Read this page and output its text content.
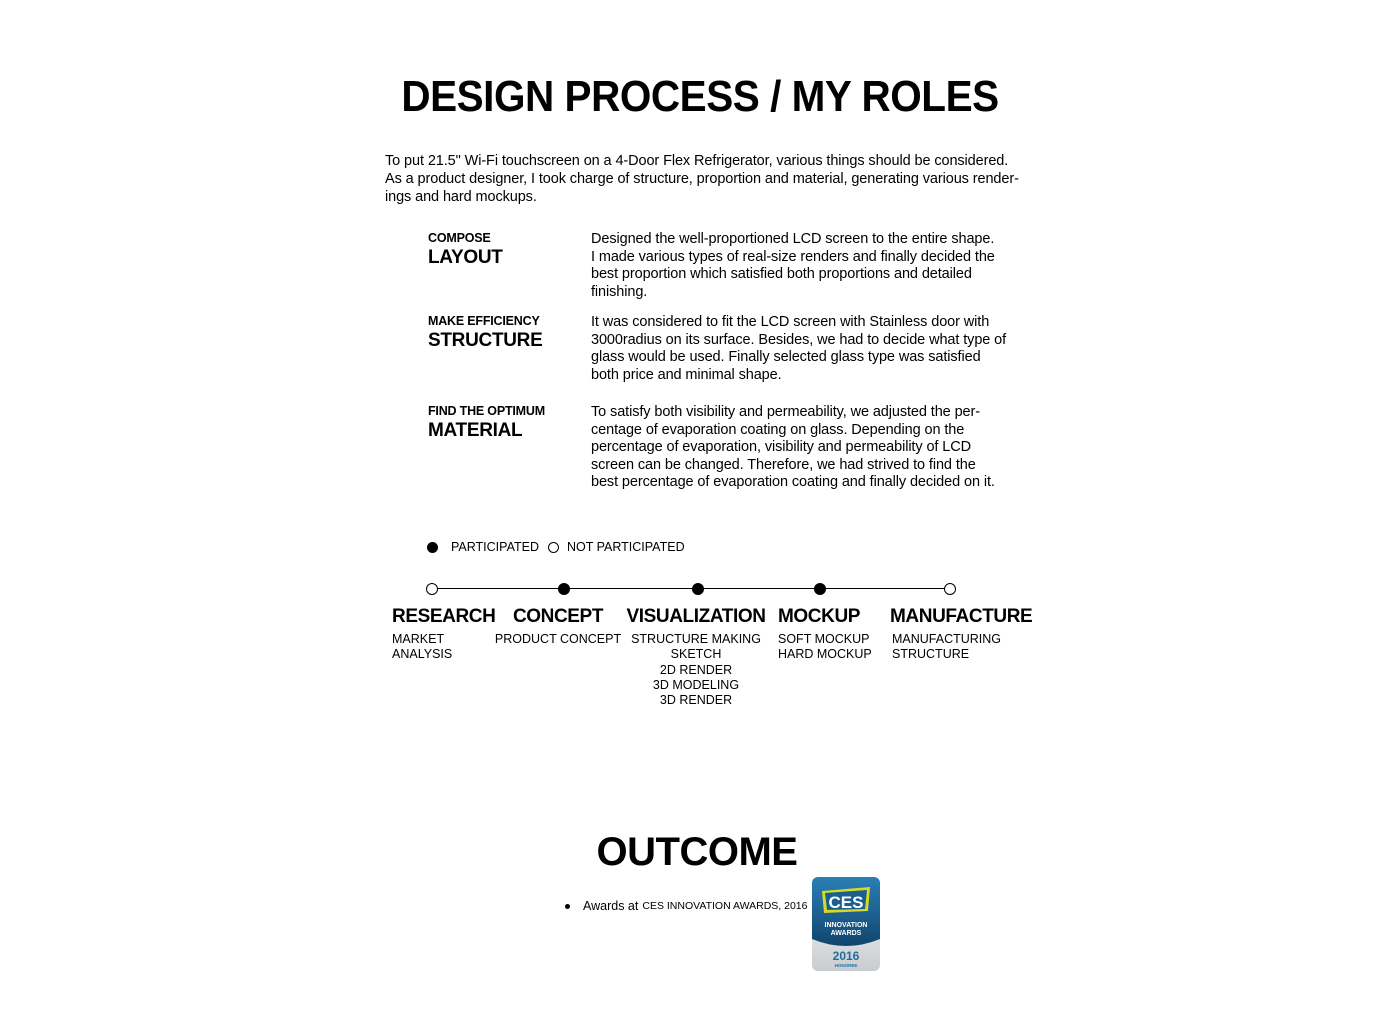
DESIGN PROCESS / MY ROLES
To put 21.5" Wi-Fi touchscreen on a 4-Door Flex Refrigerator, various things should be considered.
As a product designer, I took charge of structure, proportion and material, generating various render-
ings and hard mockups.
COMPOSE
LAYOUT
Designed the well-proportioned LCD screen to the entire shape.
I made various types of real-size renders and finally decided the
best proportion which satisfied both proportions and detailed
finishing.
MAKE EFFICIENCY
STRUCTURE
It was considered to fit the LCD screen with Stainless door with
3000radius on its surface. Besides, we had to decide what type of
glass would be used. Finally selected glass type was satisfied
both price and minimal shape.
FIND THE OPTIMUM
MATERIAL
To satisfy both visibility and permeability, we adjusted the per-
centage of evaporation coating on glass. Depending on the
percentage of evaporation, visibility and permeability of LCD
screen can be changed. Therefore, we had strived to find the
best percentage of evaporation coating and finally decided on it.
PARTICIPATED NOT PARTICIPATED
RESEARCH
MARKET
ANALYSIS
CONCEPT
PRODUCT CONCEPT
VISUALIZATION
STRUCTURE MAKING
SKETCH
2D RENDER
3D MODELING
3D RENDER
MOCKUP
SOFT MOCKUP
HARD MOCKUP
MANUFACTURE
MANUFACTURING
STRUCTURE
OUTCOME
Awards at CES INNOVATION AWARDS, 2016 CES
INNOVATION
AWARDS
2016
HONOREE
